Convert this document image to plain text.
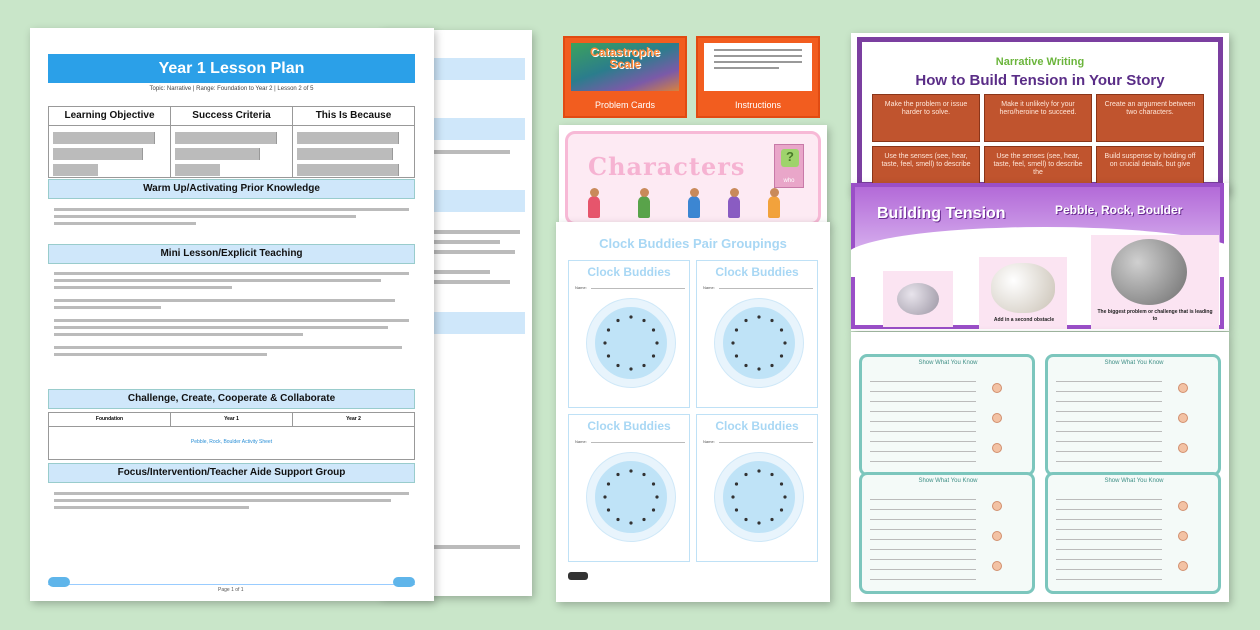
Year 1 Lesson Plan
Topic: Narrative | Range: Foundation to Year 2 | Lesson 2 of 5
Learning Objective	Success Criteria	This Is Because
Warm Up/Activating Prior Knowledge
Mini Lesson/Explicit Teaching
Challenge, Create, Cooperate & Collaborate
Foundation	Year 1	Year 2
Pebble, Rock, Boulder Activity Sheet
Focus/Intervention/Teacher Aide Support Group
Page 1 of 1
Catastrophe Scale
Problem Cards	Instructions
Characters	?
who
Clock Buddies Pair Groupings
Clock Buddies
Name:
Clock Buddies
Name:
Clock Buddies
Name:
Clock Buddies
Name:
Narrative Writing
How to Build Tension in Your Story
Make the problem or issue harder to solve.
Make it unlikely for your hero/heroine to succeed.
Create an argument between two characters.
Use the senses (see, hear, taste, feel, smell) to describe
Use the senses (see, hear, taste, feel, smell) to describe the
Build suspense by holding off on crucial details, but give
Building Tension	Pebble, Rock, Boulder
Add in a second obstacle
The biggest problem or challenge that is leading to
Show What You Know	Show What You Know
Show What You Know	Show What You Know
